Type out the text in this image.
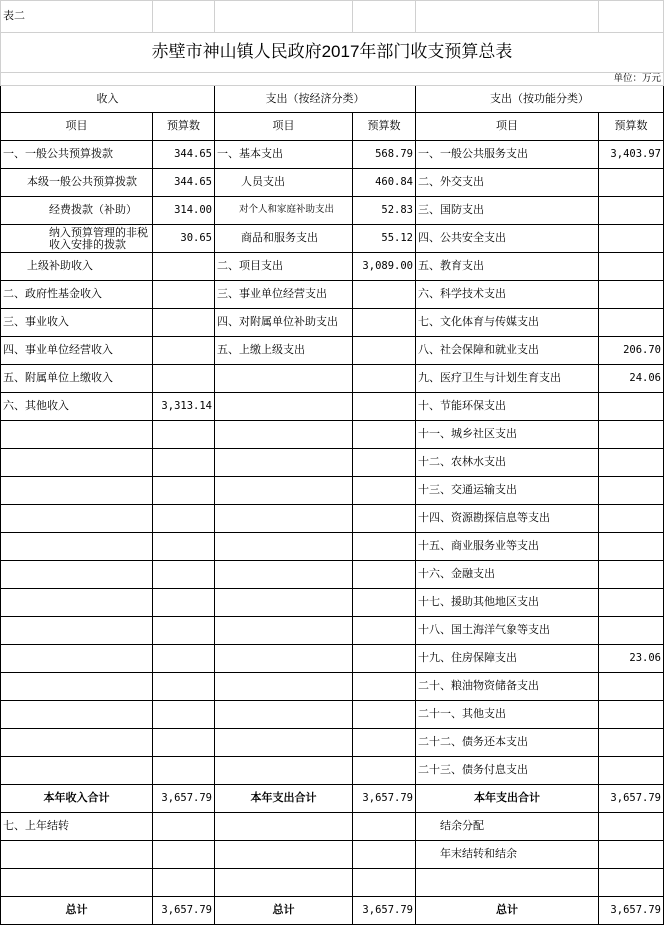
表二					
赤壁市神山镇人民政府2017年部门收支预算总表					
单位：万元					
收入		支出（按经济分类）		支出（按功能分类）	
项目	预算数	项目	预算数	项目	预算数
一、一般公共预算拨款	344.65	一、基本支出	568.79	一、一般公共服务支出	3,403.97
本级一般公共预算拨款	344.65	人员支出	460.84	二、外交支出	
经费拨款（补助）	314.00	对个人和家庭补助支出	52.83	三、国防支出	
纳入预算管理的非税收入安排的拨款	30.65	商品和服务支出	55.12	四、公共安全支出	
上级补助收入		二、项目支出	3,089.00	五、教育支出	
二、政府性基金收入		三、事业单位经营支出		六、科学技术支出	
三、事业收入		四、对附属单位补助支出		七、文化体育与传媒支出	
四、事业单位经营收入		五、上缴上级支出		八、社会保障和就业支出	206.70
五、附属单位上缴收入				九、医疗卫生与计划生育支出	24.06
六、其他收入	3,313.14			十、节能环保支出	
				十一、城乡社区支出	
				十二、农林水支出	
				十三、交通运输支出	
				十四、资源勘探信息等支出	
				十五、商业服务业等支出	
				十六、金融支出	
				十七、援助其他地区支出	
				十八、国土海洋气象等支出	
				十九、住房保障支出	23.06
				二十、粮油物资储备支出	
				二十一、其他支出	
				二十二、债务还本支出	
				二十三、债务付息支出	
本年收入合计	3,657.79	本年支出合计	3,657.79	本年支出合计	3,657.79
七、上年结转				结余分配	
				年末结转和结余	

总计	3,657.79	总计	3,657.79	总计	3,657.79
